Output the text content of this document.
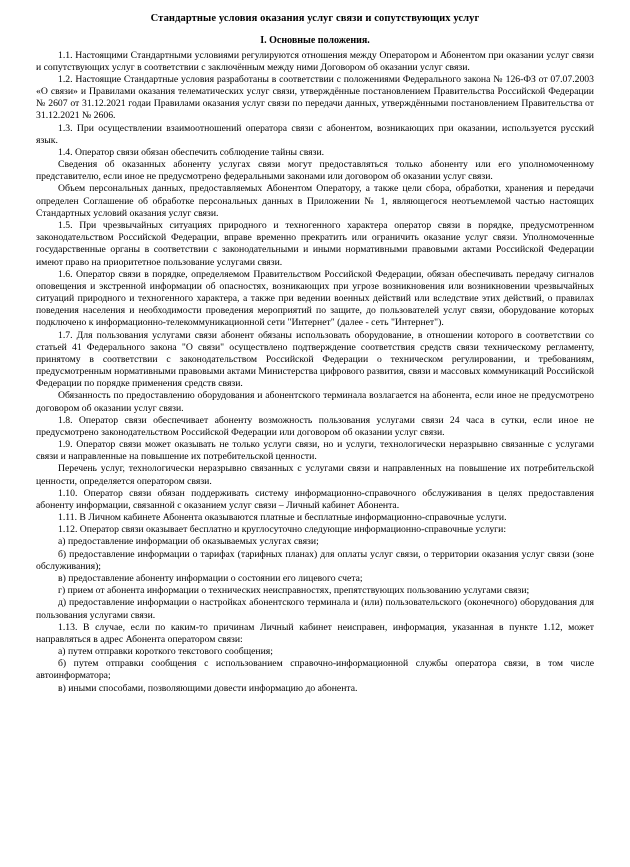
Стандартные условия оказания услуг связи и сопутствующих услуг
I. Основные положения.

1.1. Настоящими Стандартными условиями регулируются отношения между Оператором и Абонентом при оказании услуг связи и сопутствующих услуг в соответствии с заключённым между ними Договором об оказании услуг связи.

1.2. Настоящие Стандартные условия разработаны в соответствии с положениями Федерального закона № 126-ФЗ от 07.07.2003 «О связи» и Правилами оказания телематических услуг связи, утверждённые постановлением Правительства Российской Федерации № 2607 от 31.12.2021 годаи Правилами оказания услуг связи по передачи данных, утверждёнными постановлением Правительства от 31.12.2021 № 2606.

1.3. При осуществлении взаимоотношений оператора связи с абонентом, возникающих при оказании, используется русский язык.

1.4. Оператор связи обязан обеспечить соблюдение тайны связи.

Сведения об оказанных абоненту услугах связи могут предоставляться только абоненту или его уполномоченному представителю, если иное не предусмотрено федеральными законами или договором об оказании услуг связи.

Объем персональных данных, предоставляемых Абонентом Оператору, а также цели сбора, обработки, хранения и передачи определен Соглашение об обработке персональных данных в Приложении № 1, являющегося неотъемлемой частью настоящих Стандартных условий оказания услуг связи.

1.5. При чрезвычайных ситуациях природного и техногенного характера оператор связи в порядке, предусмотренном законодательством Российской Федерации, вправе временно прекратить или ограничить оказание услуг связи. Уполномоченные государственные органы в соответствии с законодательными и иными нормативными правовыми актами Российской Федерации имеют право на приоритетное пользование услугами связи.

1.6. Оператор связи в порядке, определяемом Правительством Российской Федерации, обязан обеспечивать передачу сигналов оповещения и экстренной информации об опасностях, возникающих при угрозе возникновения или возникновении чрезвычайных ситуаций природного и техногенного характера, а также при ведении военных действий или вследствие этих действий, о правилах поведения населения и необходимости проведения мероприятий по защите, до пользователей услуг связи, оборудование которых подключено к информационно-телекоммуникационной сети "Интернет" (далее - сеть "Интернет").

1.7. Для пользования услугами связи абонент обязаны использовать оборудование, в отношении которого в соответствии со статьей 41 Федерального закона "О связи" осуществлено подтверждение соответствия средств связи техническому регламенту, принятому в соответствии с законодательством Российской Федерации о техническом регулировании, и требованиям, предусмотренным нормативными правовыми актами Министерства цифрового развития, связи и массовых коммуникаций Российской Федерации по порядке применения средств связи.

Обязанность по предоставлению оборудования и абонентского терминала возлагается на абонента, если иное не предусмотрено договором об оказании услуг связи.

1.8. Оператор связи обеспечивает абоненту возможность пользования услугами связи 24 часа в сутки, если иное не предусмотрено законодательством Российской Федерации или договором об оказании услуг связи.

1.9. Оператор связи может оказывать не только услуги связи, но и услуги, технологически неразрывно связанные с услугами связи и направленные на повышение их потребительской ценности.

Перечень услуг, технологически неразрывно связанных с услугами связи и направленных на повышение их потребительской ценности, определяется оператором связи.

1.10. Оператор связи обязан поддерживать систему информационно-справочного обслуживания в целях предоставления абоненту информации, связанной с оказанием услуг связи – Личный кабинет Абонента.

1.11. В Личном кабинете Абонента оказываются платные и бесплатные информационно-справочные услуги.

1.12. Оператор связи оказывает бесплатно и круглосуточно следующие информационно-справочные услуги:

а) предоставление информации об оказываемых услугах связи;

б) предоставление информации о тарифах (тарифных планах) для оплаты услуг связи, о территории оказания услуг связи (зоне обслуживания);

в) предоставление абоненту информации о состоянии его лицевого счета;

г) прием от абонента информации о технических неисправностях, препятствующих пользованию услугами связи;

д) предоставление информации о настройках абонентского терминала и (или) пользовательского (оконечного) оборудования для пользования услугами связи.

1.13. В случае, если по каким-то причинам Личный кабинет неисправен, информация, указанная в пункте 1.12, может направляться в адрес Абонента оператором связи:

а) путем отправки короткого текстового сообщения;

б) путем отправки сообщения с использованием справочно-информационной службы оператора связи, в том числе автоинформатора;

в) иными способами, позволяющими довести информацию до абонента.
